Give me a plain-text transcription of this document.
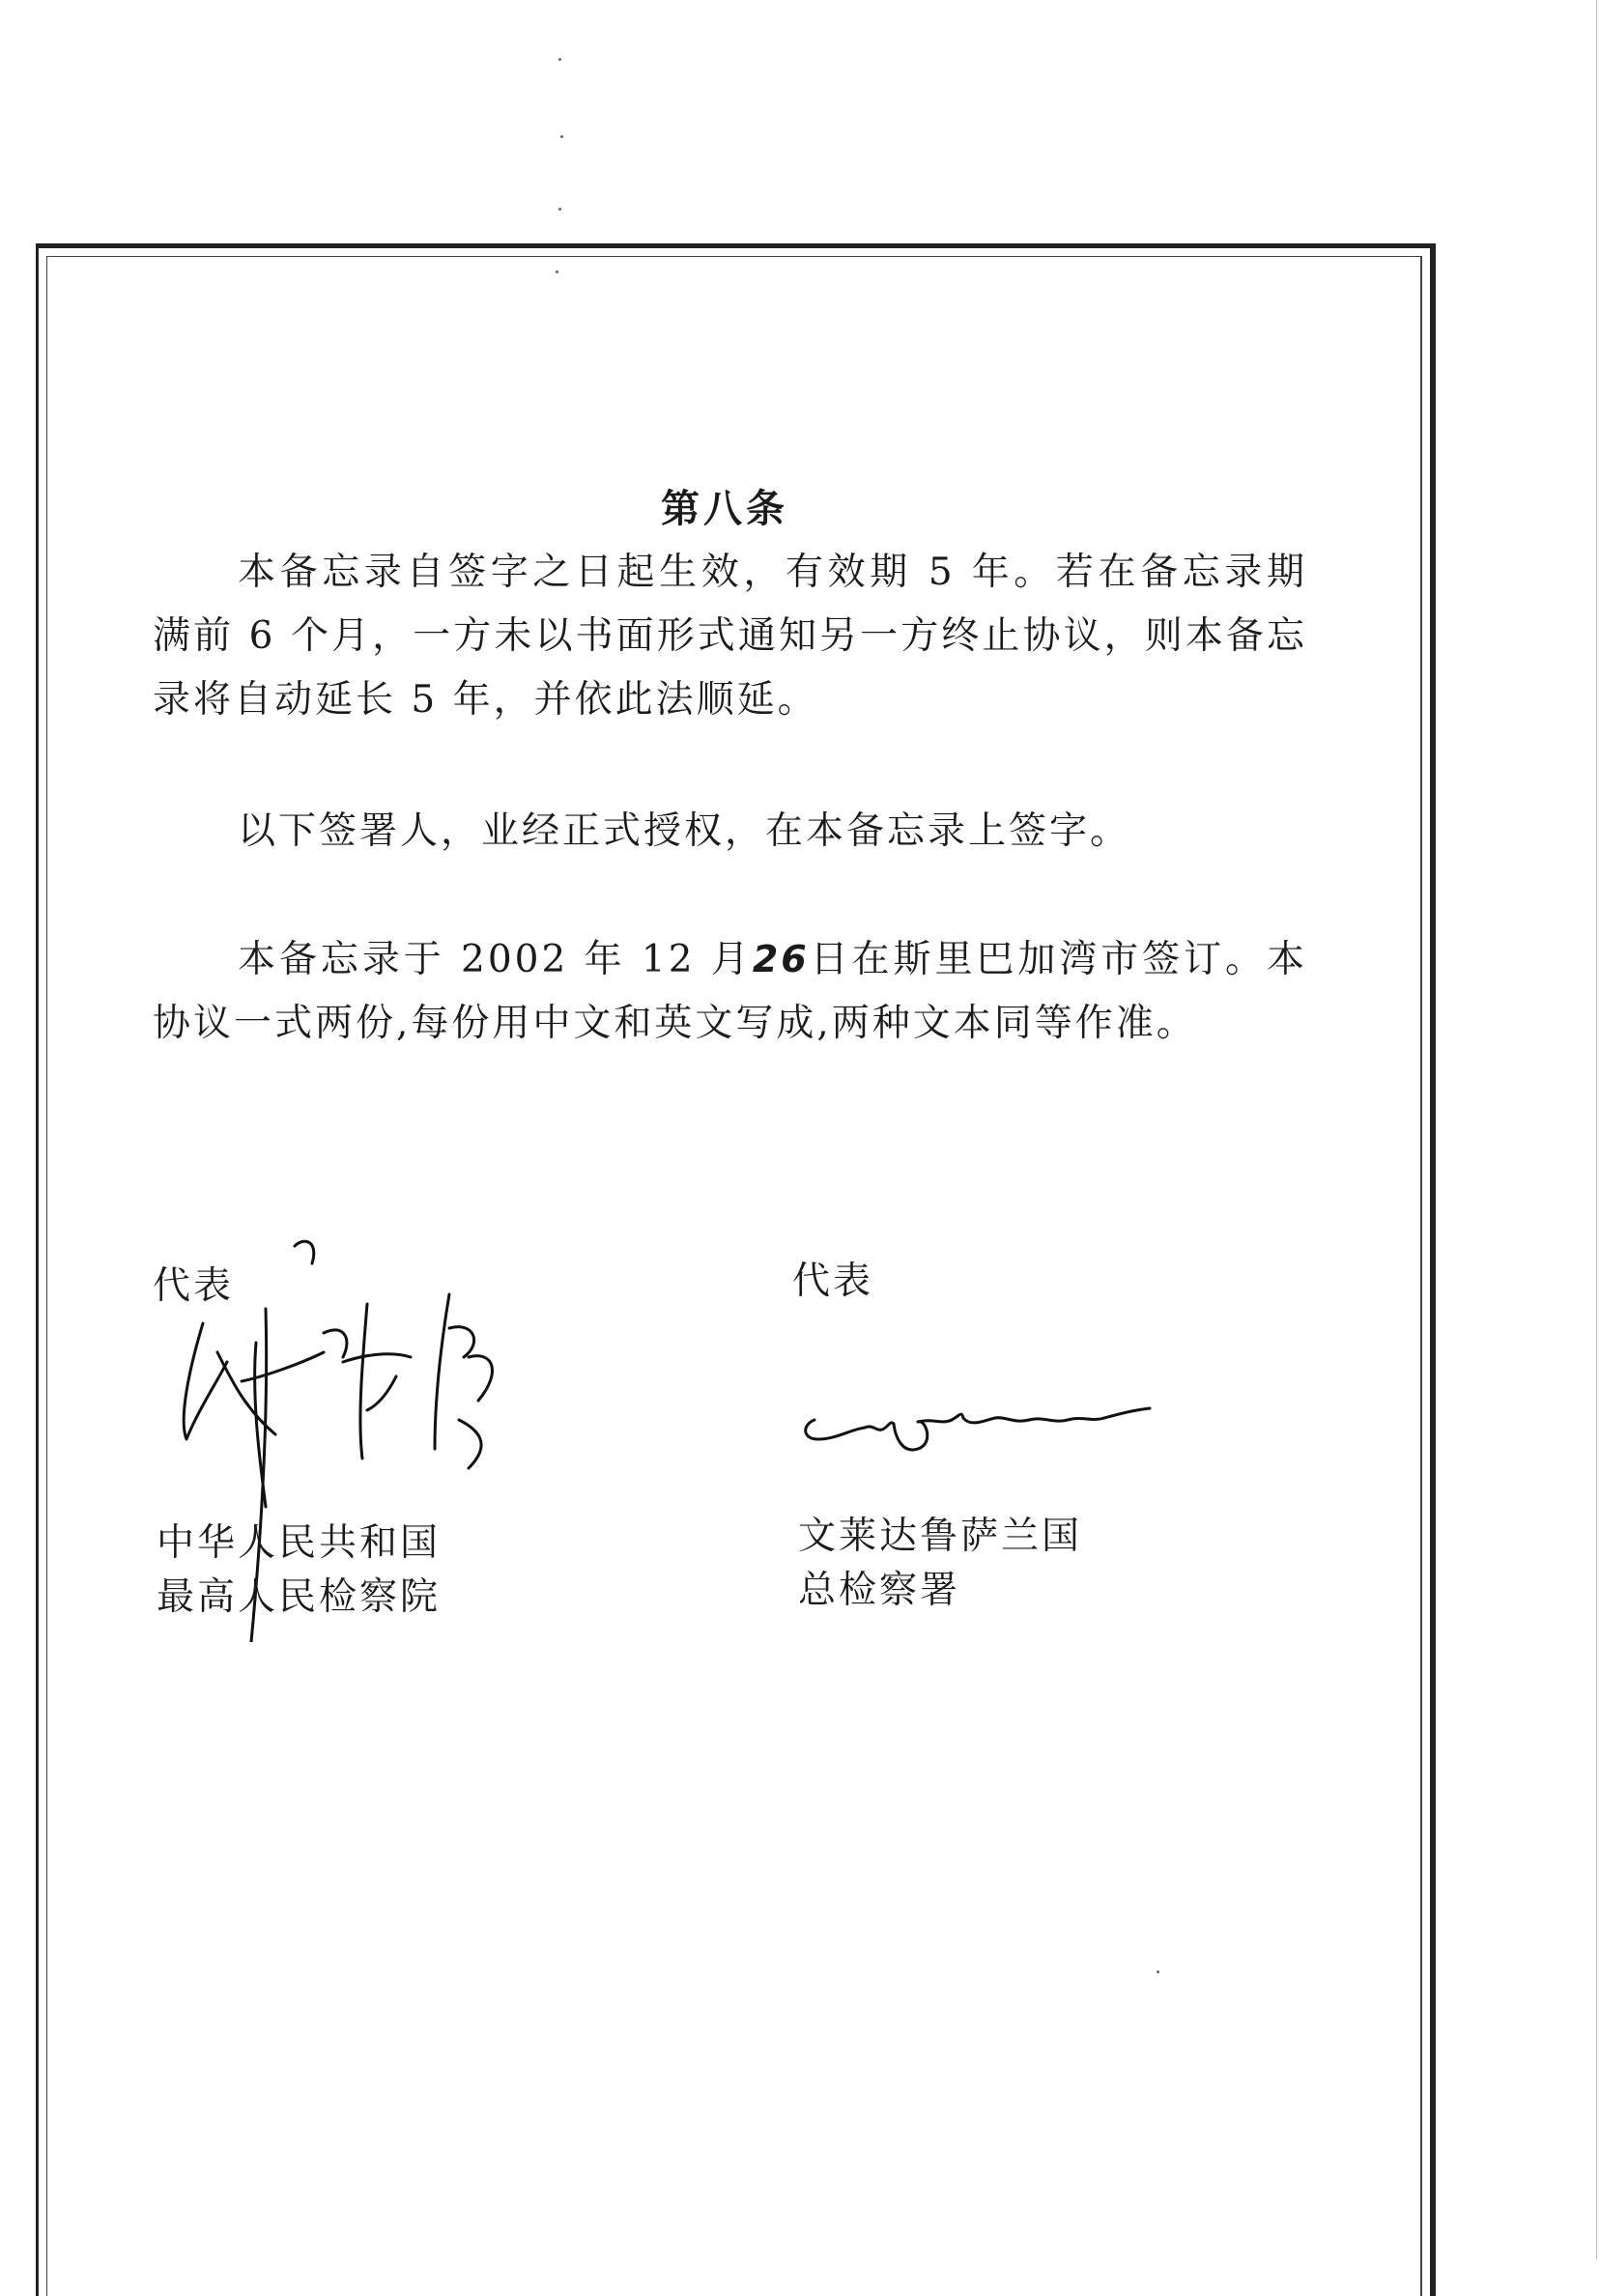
第八条

本备忘录自签字之日起生效，有效期 5 年。若在备忘录期满前 6 个月，一方未以书面形式通知另一方终止协议，则本备忘录将自动延长 5 年，并依此法顺延。

以下签署人，业经正式授权，在本备忘录上签字。

本备忘录于 2002 年 12 月26日在斯里巴加湾市签订。本协议一式两份,每份用中文和英文写成,两种文本同等作准。

代表	代表
中华人民共和国
最高人民检察院
文莱达鲁萨兰国
总检察署
